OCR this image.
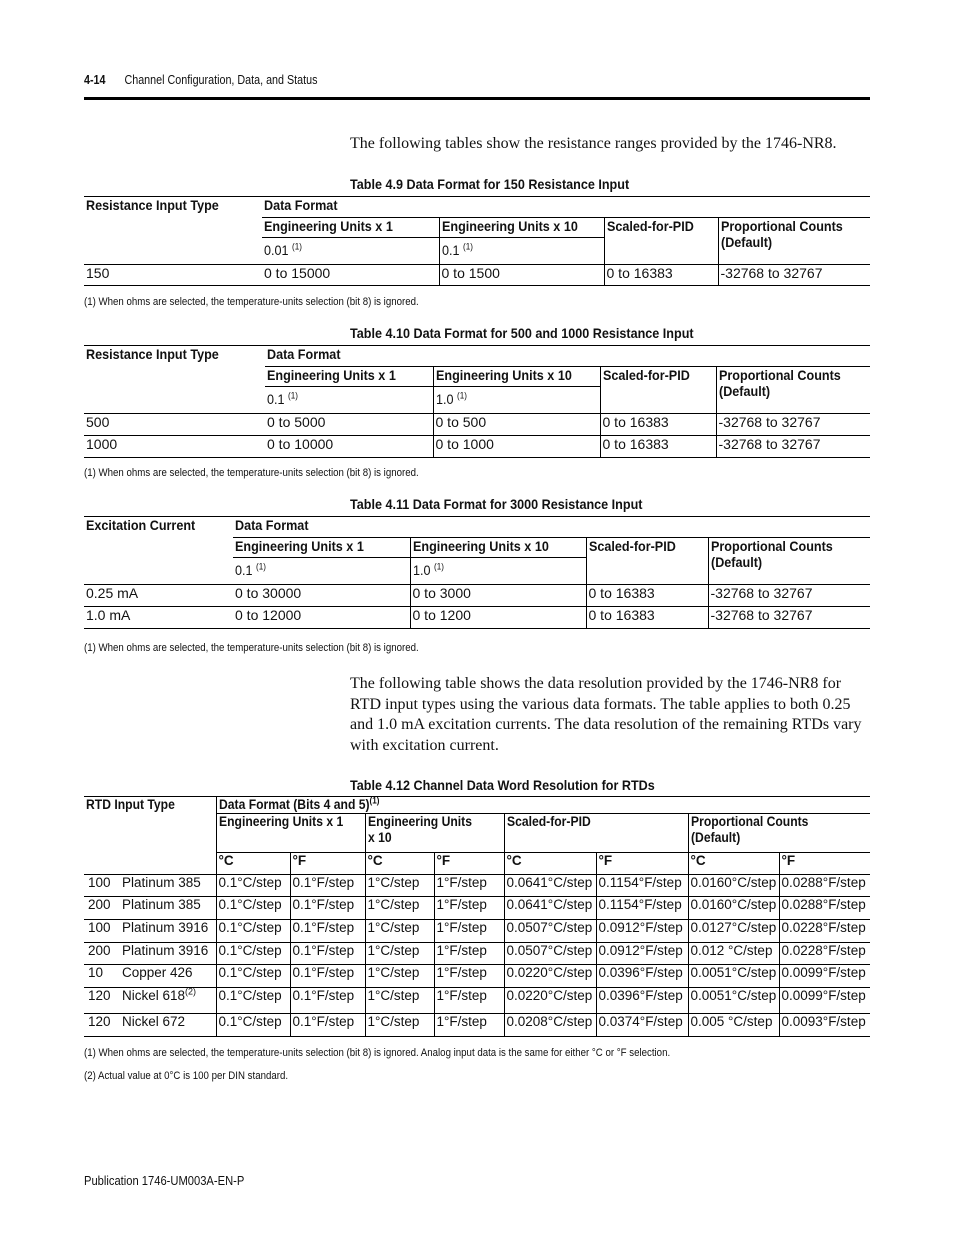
4-14 Channel Configuration, Data, and Status
The following tables show the resistance ranges provided by the 1746-NR8.
Table 4.9 Data Format for 150 Resistance Input
Resistance Input Type	Data Format			
	Engineering Units x 1	Engineering Units x 10	Scaled-for-PID	Proportional Counts (Default)
	0.01 $^{(1)}$	0.1 $^{(1)}$
150	0 to 15000	0 to 1500	0 to 16383	-32768 to 32767
(1) When ohms are selected, the temperature-units selection (bit 8) is ignored.
Table 4.10 Data Format for 500 and 1000 Resistance Input
Resistance Input Type	Data Format			
	Engineering Units x 1	Engineering Units x 10	Scaled-for-PID	Proportional Counts (Default)
	0.1 $^{(1)}$	1.0 $^{(1)}$
500	0 to 5000	0 to 500	0 to 16383	-32768 to 32767
1000	0 to 10000	0 to 1000	0 to 16383	-32768 to 32767
(1) When ohms are selected, the temperature-units selection (bit 8) is ignored.
Table 4.11 Data Format for 3000 Resistance Input
Excitation Current	Data Format			
	Engineering Units x 1	Engineering Units x 10	Scaled-for-PID	Proportional Counts (Default)
	0.1 $^{(1)}$	1.0 $^{(1)}$
0.25 mA	0 to 30000	0 to 3000	0 to 16383	-32768 to 32767
1.0 mA	0 to 12000	0 to 1200	0 to 16383	-32768 to 32767
(1) When ohms are selected, the temperature-units selection (bit 8) is ignored.
The following table shows the data resolution provided by the 1746-NR8 for RTD input types using the various data formats. The table applies to both 0.25 and 1.0 mA excitation currents. The data resolution of the remaining RTDs vary with excitation current.
Table 4.12 Channel Data Word Resolution for RTDs
RTD Input Type	Data Format (Bits 4 and 5)$^{(1)}$
	Engineering Units x 1		Engineering Units x 10		Scaled-for-PID		Proportional Counts (Default)	
	°C	°F	°C	°F	°C	°F	°C	°F
100 Platinum 385	0.1°C/step	0.1°F/step	1°C/step	1°F/step	0.0641°C/step	0.1154°F/step	0.0160°C/step	0.0288°F/step
200 Platinum 385	0.1°C/step	0.1°F/step	1°C/step	1°F/step	0.0641°C/step	0.1154°F/step	0.0160°C/step	0.0288°F/step
100 Platinum 3916	0.1°C/step	0.1°F/step	1°C/step	1°F/step	0.0507°C/step	0.0912°F/step	0.0127°C/step	0.0228°F/step
200 Platinum 3916	0.1°C/step	0.1°F/step	1°C/step	1°F/step	0.0507°C/step	0.0912°F/step	0.012 °C/step	0.0228°F/step
10 Copper 426	0.1°C/step	0.1°F/step	1°C/step	1°F/step	0.0220°C/step	0.0396°F/step	0.0051°C/step	0.0099°F/step
120 Nickel 618$^{(2)}$	0.1°C/step	0.1°F/step	1°C/step	1°F/step	0.0220°C/step	0.0396°F/step	0.0051°C/step	0.0099°F/step
120 Nickel 672	0.1°C/step	0.1°F/step	1°C/step	1°F/step	0.0208°C/step	0.0374°F/step	0.005 °C/step	0.0093°F/step
(1) When ohms are selected, the temperature-units selection (bit 8) is ignored. Analog input data is the same for either °C or °F selection.
(2) Actual value at 0°C is 100 per DIN standard.
Publication 1746-UM003A-EN-P
